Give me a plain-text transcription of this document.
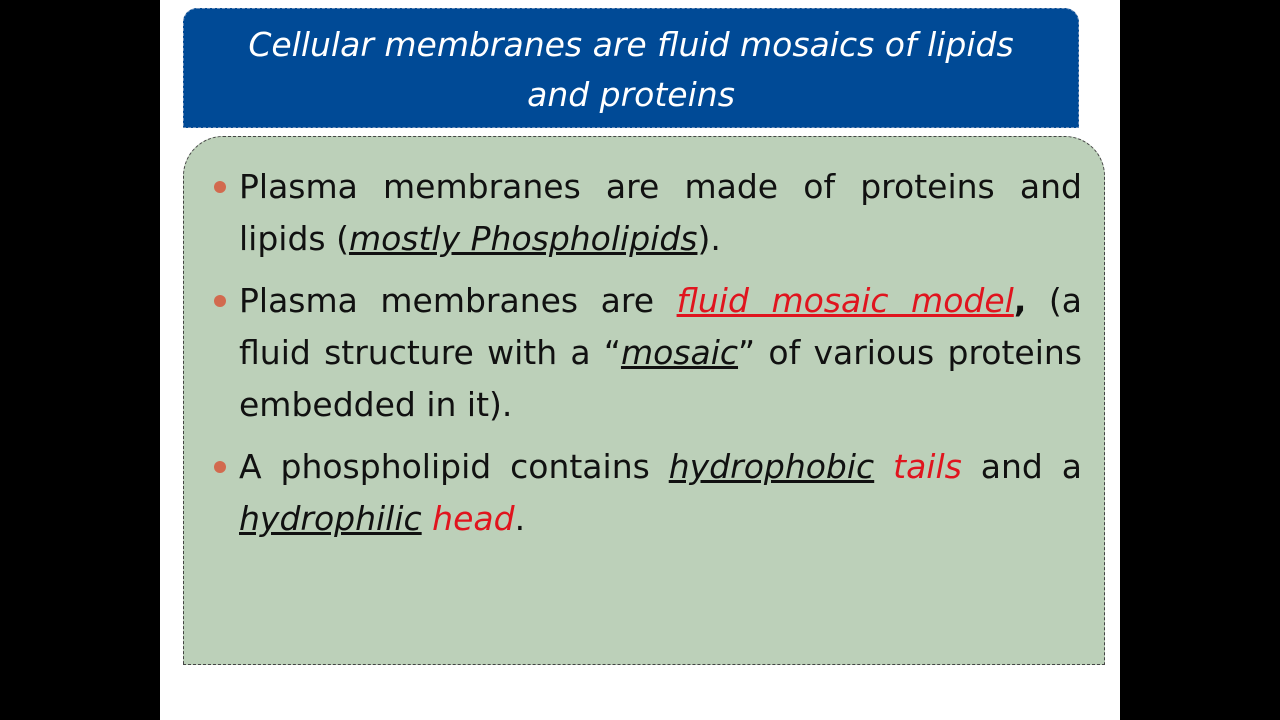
Cellular membranes are fluid mosaics of lipids
and proteins
Plasma membranes are made of proteins and lipids (mostly Phospholipids).
Plasma membranes are fluid mosaic model, (a fluid structure with a “mosaic” of various proteins embedded in it).
A phospholipid contains hydrophobic tails and a hydrophilic head.
